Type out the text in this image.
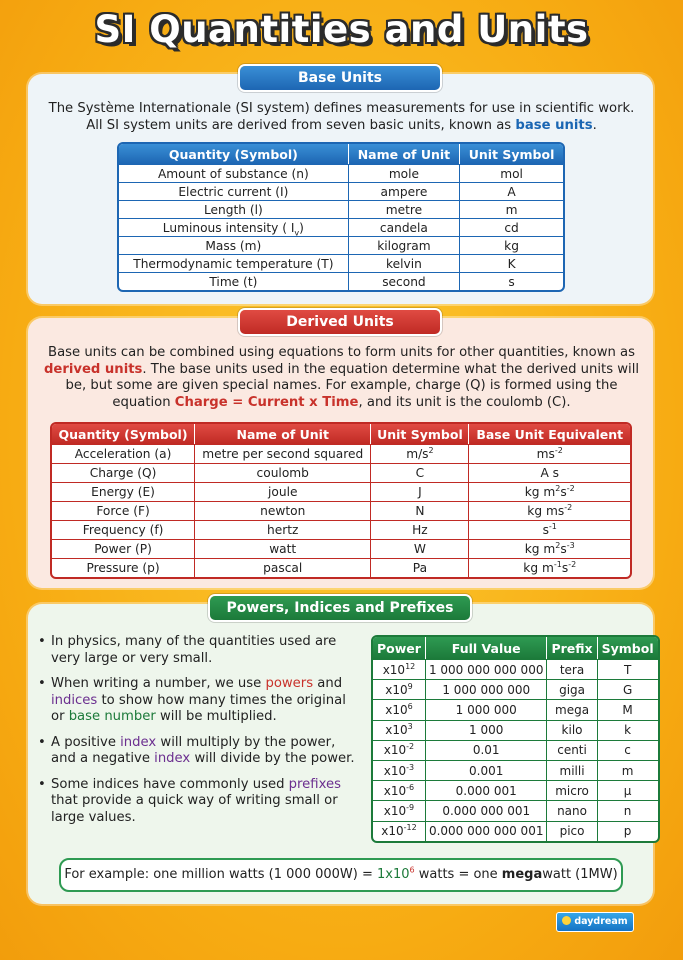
SI Quantities and Units
Base Units
The Système Internationale (SI system) defines measurements for use in scientific work. All SI system units are derived from seven basic units, known as base units.
Quantity (Symbol)	Name of Unit	Unit Symbol
Amount of substance (n)	mole	mol
Electric current (I)	ampere	A
Length (l)	metre	m
Luminous intensity ( $I_v$)	candela	cd
Mass (m)	kilogram	kg
Thermodynamic temperature (T)	kelvin	K
Time (t)	second	s
Derived Units
Base units can be combined using equations to form units for other quantities, known as derived units. The base units used in the equation determine what the derived units will be, but some are given special names. For example, charge (Q) is formed using the equation Charge = Current x Time, and its unit is the coulomb (C).
Quantity (Symbol)	Name of Unit	Unit Symbol	Base Unit Equivalent
Acceleration (a)	metre per second squared	$m/s^2$	$ms^{-2}$
Charge (Q)	coulomb	C	A s
Energy (E)	joule	J	kg $m^2s^{-2}$
Force (F)	newton	N	kg $ms^{-2}$
Frequency (f)	hertz	Hz	$s^{-1}$
Power (P)	watt	W	kg $m^2s^{-3}$
Pressure (p)	pascal	Pa	kg $m^{-1}s^{-2}$
Powers, Indices and Prefixes
• In physics, many of the quantities used are very large or very small.
• When writing a number, we use powers and indices to show how many times the original or base number will be multiplied.
• A positive index will multiply by the power, and a negative index will divide by the power.
• Some indices have commonly used prefixes that provide a quick way of writing small or large values.
Power	Full Value	Prefix	Symbol
$x10^{12}$	1 000 000 000 000	tera	T
$x10^9$	1 000 000 000	giga	G
$x10^6$	1 000 000	mega	M
$x10^3$	1 000	kilo	k
$x10^{-2}$	0.01	centi	c
$x10^{-3}$	0.001	milli	m
$x10^{-6}$	0.000 001	micro	μ
$x10^{-9}$	0.000 000 001	nano	n
$x10^{-12}$	0.000 000 000 001	pico	p
For example: one million watts (1 000 $000W) = 1x10^6$ watts = one megawatt (1MW)
daydream
